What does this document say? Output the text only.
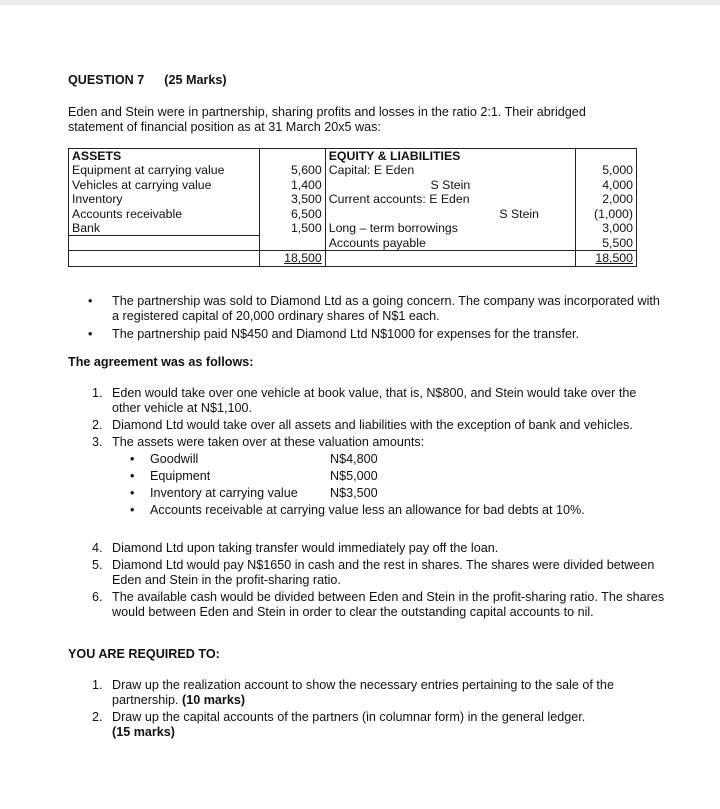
QUESTION 7 (25 Marks)
Eden and Stein were in partnership, sharing profits and losses in the ratio 2:1. Their abridged statement of financial position as at 31 March 20x5 was:
ASSETS		EQUITY & LIABILITIES	
Equipment at carrying value	5,600	Capital: E Eden	5,000
Vehicles at carrying value	1,400	S Stein	4,000
Inventory	3,500	Current accounts: E Eden	2,000
Accounts receivable	6,500	S Stein	(1,000)
Bank	1,500	Long – term borrowings	3,000
		Accounts payable	5,500
	18,500		18,500
• The partnership was sold to Diamond Ltd as a going concern. The company was incorporated with a registered capital of 20,000 ordinary shares of N$1 each.
• The partnership paid N$450 and Diamond Ltd N$1000 for expenses for the transfer.
The agreement was as follows:
1. Eden would take over one vehicle at book value, that is, N$800, and Stein would take over the other vehicle at N$1,100.
2. Diamond Ltd would take over all assets and liabilities with the exception of bank and vehicles.
3. The assets were taken over at these valuation amounts:
• Goodwill	N$4,800
• Equipment	N$5,000
• Inventory at carrying value	N$3,500
• Accounts receivable at carrying value less an allowance for bad debts at 10%.
4. Diamond Ltd upon taking transfer would immediately pay off the loan.
5. Diamond Ltd would pay N$1650 in cash and the rest in shares. The shares were divided between Eden and Stein in the profit-sharing ratio.
6. The available cash would be divided between Eden and Stein in the profit-sharing ratio. The shares would between Eden and Stein in order to clear the outstanding capital accounts to nil.
YOU ARE REQUIRED TO:
1. Draw up the realization account to show the necessary entries pertaining to the sale of the partnership. (10 marks)
2. Draw up the capital accounts of the partners (in columnar form) in the general ledger.
(15 marks)
